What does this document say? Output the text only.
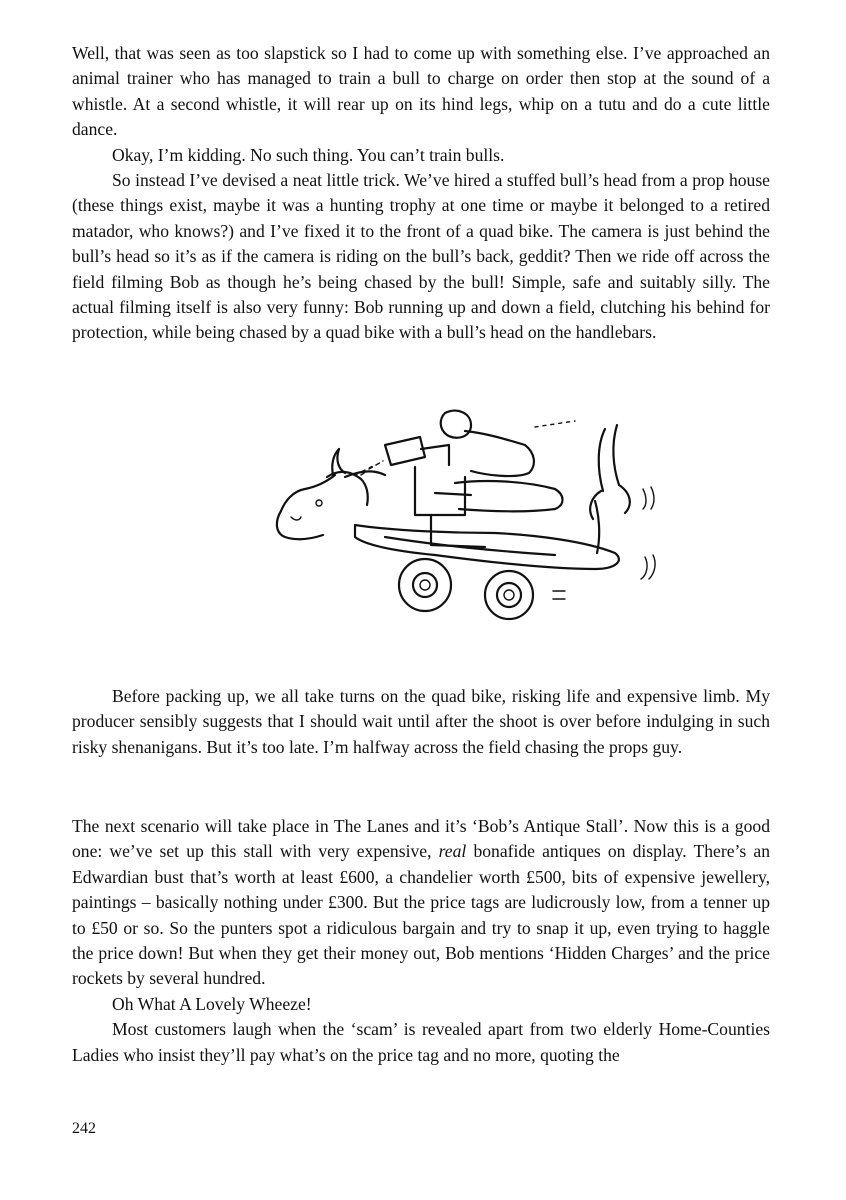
Well, that was seen as too slapstick so I had to come up with something else. I’ve approached an animal trainer who has managed to train a bull to charge on order then stop at the sound of a whistle. At a second whistle, it will rear up on its hind legs, whip on a tutu and do a cute little dance.

Okay, I’m kidding. No such thing. You can’t train bulls.

So instead I’ve devised a neat little trick. We’ve hired a stuffed bull’s head from a prop house (these things exist, maybe it was a hunting trophy at one time or maybe it belonged to a retired matador, who knows?) and I’ve fixed it to the front of a quad bike. The camera is just behind the bull’s head so it’s as if the camera is riding on the bull’s back, geddit? Then we ride off across the field filming Bob as though he’s being chased by the bull! Simple, safe and suitably silly. The actual filming itself is also very funny: Bob running up and down a field, clutching his behind for protection, while being chased by a quad bike with a bull’s head on the handlebars.

Before packing up, we all take turns on the quad bike, risking life and expensive limb. My producer sensibly suggests that I should wait until after the shoot is over before indulging in such risky shenanigans. But it’s too late. I’m halfway across the field chasing the props guy.

The next scenario will take place in The Lanes and it’s ‘Bob’s Antique Stall’. Now this is a good one: we’ve set up this stall with very expensive, real bonafide antiques on display. There’s an Edwardian bust that’s worth at least £600, a chandelier worth £500, bits of expensive jewellery, paintings – basically nothing under £300. But the price tags are ludicrously low, from a tenner up to £50 or so. So the punters spot a ridiculous bargain and try to snap it up, even trying to haggle the price down! But when they get their money out, Bob mentions ‘Hidden Charges’ and the price rockets by several hundred.

Oh What A Lovely Wheeze!

Most customers laugh when the ‘scam’ is revealed apart from two elderly Home-Counties Ladies who insist they’ll pay what’s on the price tag and no more, quoting the

242
